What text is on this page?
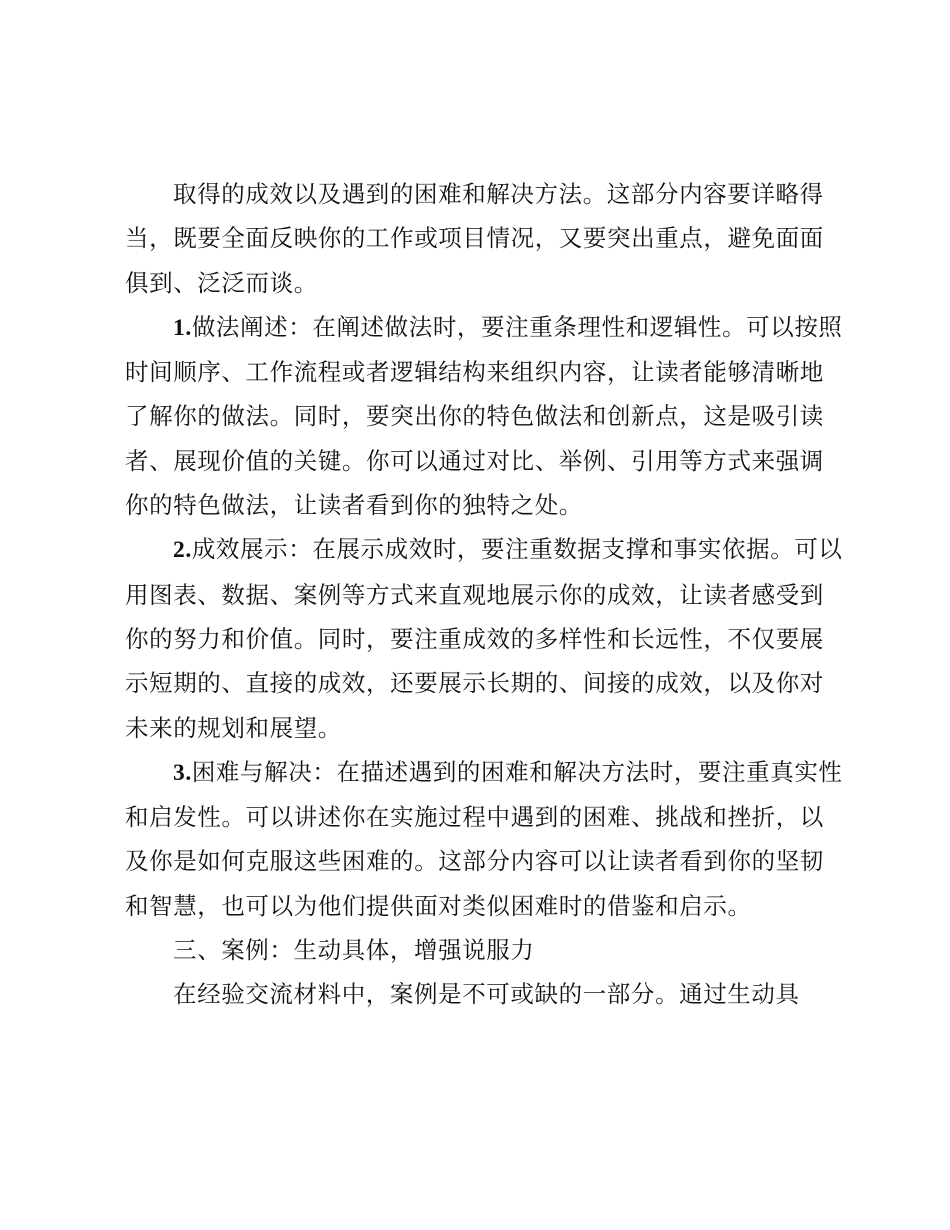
取得的成效以及遇到的困难和解决方法。这部分内容要详略得当，既要全面反映你的工作或项目情况，又要突出重点，避免面面俱到、泛泛而谈。

1.做法阐述：在阐述做法时，要注重条理性和逻辑性。可以按照时间顺序、工作流程或者逻辑结构来组织内容，让读者能够清晰地了解你的做法。同时，要突出你的特色做法和创新点，这是吸引读者、展现价值的关键。你可以通过对比、举例、引用等方式来强调你的特色做法，让读者看到你的独特之处。

2.成效展示：在展示成效时，要注重数据支撑和事实依据。可以用图表、数据、案例等方式来直观地展示你的成效，让读者感受到你的努力和价值。同时，要注重成效的多样性和长远性，不仅要展示短期的、直接的成效，还要展示长期的、间接的成效，以及你对未来的规划和展望。

3.困难与解决：在描述遇到的困难和解决方法时，要注重真实性和启发性。可以讲述你在实施过程中遇到的困难、挑战和挫折，以及你是如何克服这些困难的。这部分内容可以让读者看到你的坚韧和智慧，也可以为他们提供面对类似困难时的借鉴和启示。

三、案例：生动具体，增强说服力

在经验交流材料中，案例是不可或缺的一部分。通过生动具
